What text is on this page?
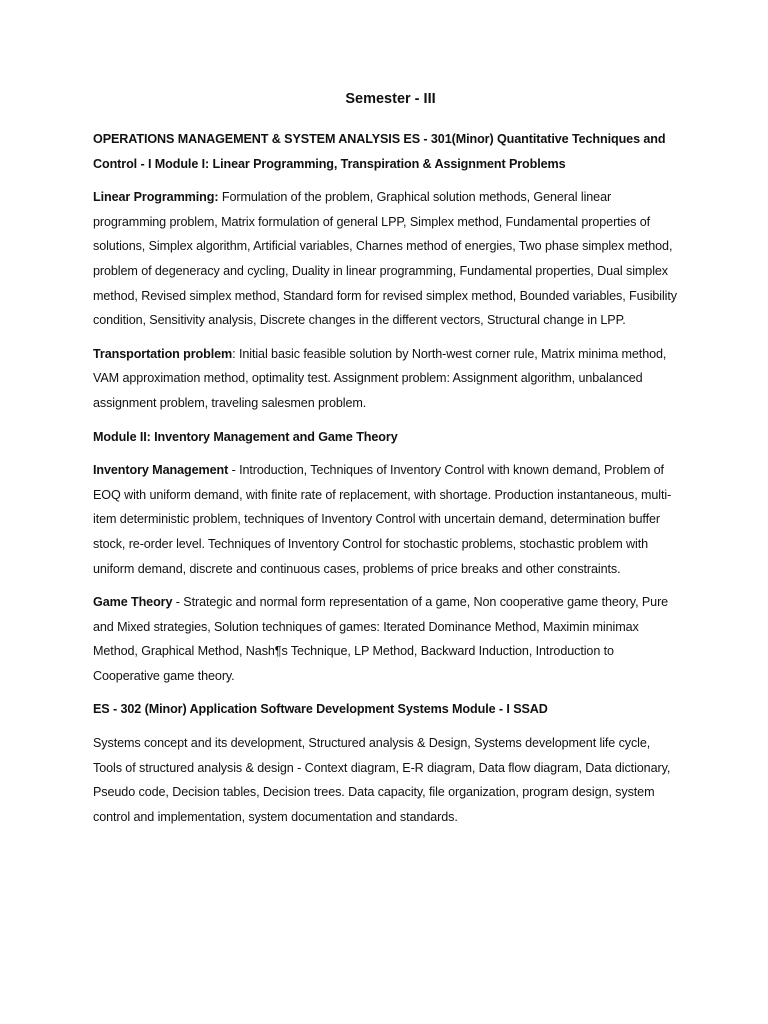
Semester - III

OPERATIONS MANAGEMENT & SYSTEM ANALYSIS ES - 301(Minor) Quantitative Techniques and Control - I Module I: Linear Programming, Transpiration & Assignment Problems

Linear Programming: Formulation of the problem, Graphical solution methods, General linear programming problem, Matrix formulation of general LPP, Simplex method, Fundamental properties of solutions, Simplex algorithm, Artificial variables, Charnes method of energies, Two phase simplex method, problem of degeneracy and cycling, Duality in linear programming, Fundamental properties, Dual simplex method, Revised simplex method, Standard form for revised simplex method, Bounded variables, Fusibility condition, Sensitivity analysis, Discrete changes in the different vectors, Structural change in LPP.

Transportation problem: Initial basic feasible solution by North-west corner rule, Matrix minima method, VAM approximation method, optimality test. Assignment problem: Assignment algorithm, unbalanced assignment problem, traveling salesmen problem.

Module II: Inventory Management and Game Theory

Inventory Management - Introduction, Techniques of Inventory Control with known demand, Problem of EOQ with uniform demand, with finite rate of replacement, with shortage. Production instantaneous, multi-item deterministic problem, techniques of Inventory Control with uncertain demand, determination buffer stock, re-order level. Techniques of Inventory Control for stochastic problems, stochastic problem with uniform demand, discrete and continuous cases, problems of price breaks and other constraints.

Game Theory - Strategic and normal form representation of a game, Non cooperative game theory, Pure and Mixed strategies, Solution techniques of games: Iterated Dominance Method, Maximin minimax Method, Graphical Method, Nash¶s Technique, LP Method, Backward Induction, Introduction to Cooperative game theory.

ES - 302 (Minor) Application Software Development Systems Module - I SSAD

Systems concept and its development, Structured analysis & Design, Systems development life cycle, Tools of structured analysis & design - Context diagram, E-R diagram, Data flow diagram, Data dictionary, Pseudo code, Decision tables, Decision trees. Data capacity, file organization, program design, system control and implementation, system documentation and standards.
